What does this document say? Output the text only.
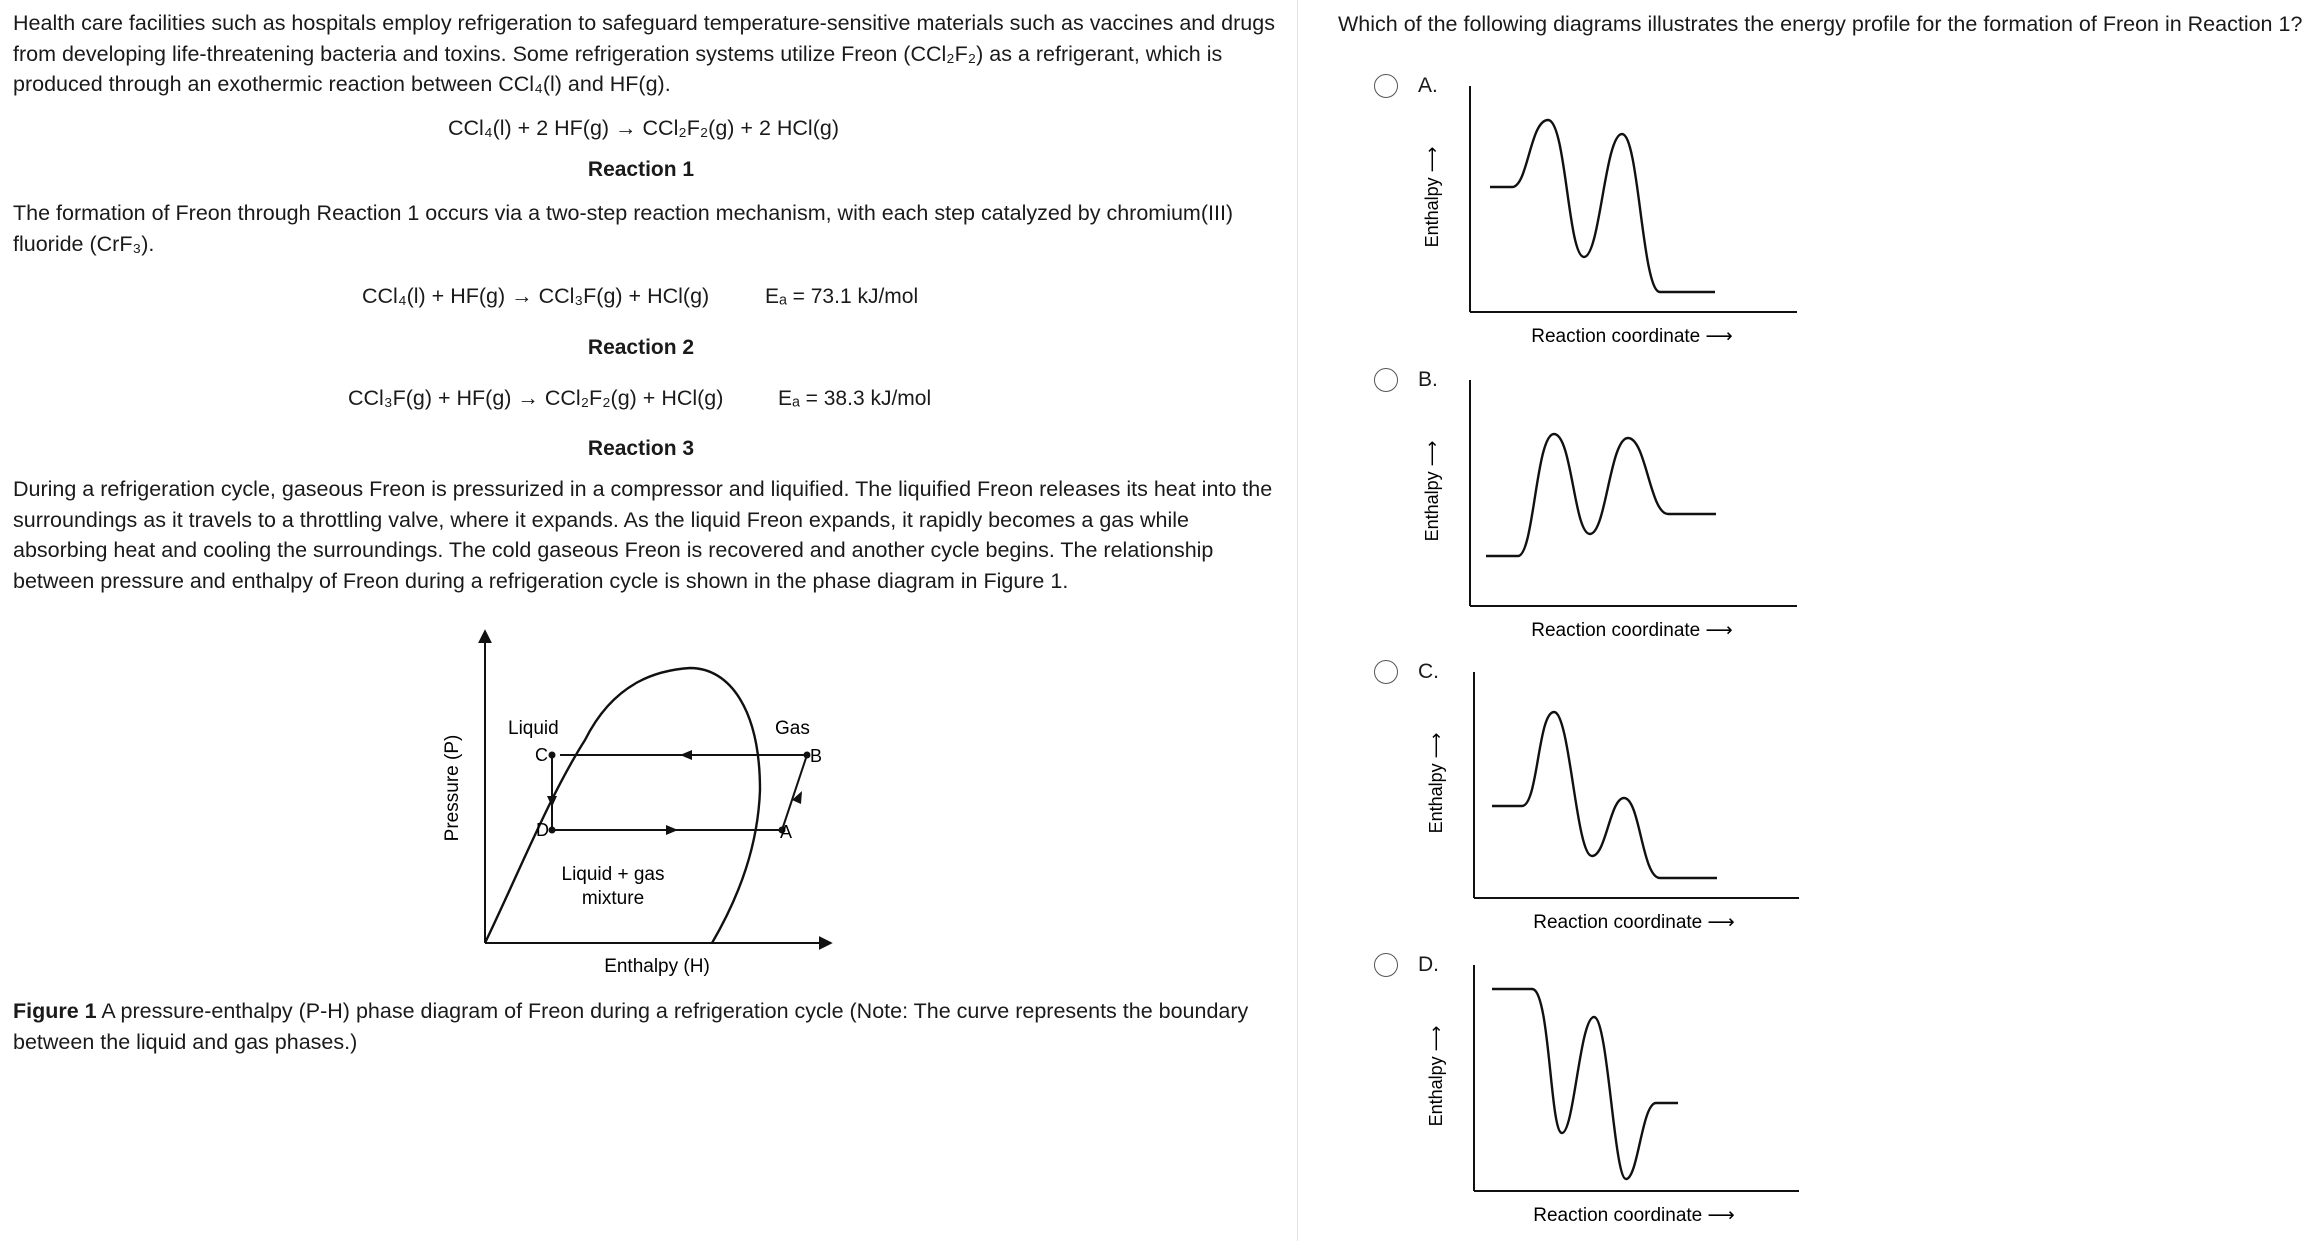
Health care facilities such as hospitals employ refrigeration to safeguard temperature-sensitive materials such as vaccines and drugs from developing life-threatening bacteria and toxins. Some refrigeration systems utilize Freon (CCl₂F₂) as a refrigerant, which is produced through an exothermic reaction between CCl₄(l) and HF(g).

CCl₄(l) + 2 HF(g) → CCl₂F₂(g) + 2 HCl(g)
Reaction 1

The formation of Freon through Reaction 1 occurs via a two-step reaction mechanism, with each step catalyzed by chromium(III) fluoride (CrF₃).

CCl₄(l) + HF(g) → CCl₃F(g) + HCl(g)	Eₐ = 73.1 kJ/mol
Reaction 2
CCl₃F(g) + HF(g) → CCl₂F₂(g) + HCl(g)	Eₐ = 38.3 kJ/mol
Reaction 3

During a refrigeration cycle, gaseous Freon is pressurized in a compressor and liquified. The liquified Freon releases its heat into the surroundings as it travels to a throttling valve, where it expands. As the liquid Freon expands, it rapidly becomes a gas while absorbing heat and cooling the surroundings. The cold gaseous Freon is recovered and another cycle begins. The relationship between pressure and enthalpy of Freon during a refrigeration cycle is shown in the phase diagram in Figure 1.

Pressure (P)
Enthalpy (H)
Liquid	Gas
C
D
B
A
Liquid + gas
mixture

Figure 1 A pressure-enthalpy (P-H) phase diagram of Freon during a refrigeration cycle (Note: The curve represents the boundary between the liquid and gas phases.)

Which of the following diagrams illustrates the energy profile for the formation of Freon in Reaction 1?
A.
Enthalpy ⟶
Reaction coordinate ⟶
B.
Enthalpy ⟶
Reaction coordinate ⟶
C.
Enthalpy ⟶
Reaction coordinate ⟶
D.
Enthalpy ⟶
Reaction coordinate ⟶
